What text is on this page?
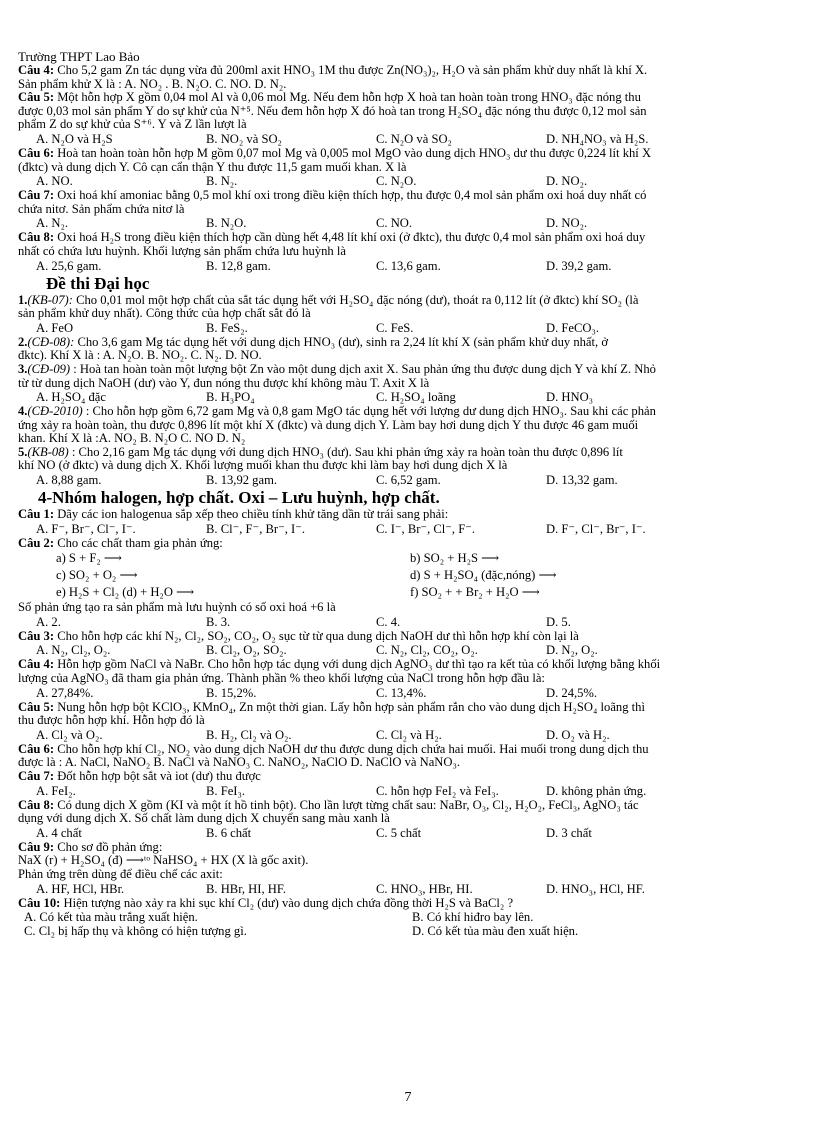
Trường THPT Lao Bảo
Câu 4: Cho 5,2 gam Zn tác dụng vừa đủ 200ml axit HNO₃ 1M thu được Zn(NO₃)₂, H₂O và sản phẩm khử duy nhất là khí X.
Sản phẩm khử X là : A. NO₂ . B. N₂O. C. NO. D. N₂.
Câu 5: Một hỗn hợp X gồm 0,04 mol Al và 0,06 mol Mg. Nếu đem hỗn hợp X hoà tan hoàn toàn trong HNO₃ đặc nóng thu
được 0,03 mol sản phẩm Y do sự khử của N⁺⁵. Nếu đem hỗn hợp X đó hoà tan trong H₂SO₄ đặc nóng thu được 0,12 mol sản
phẩm Z do sự khử của S⁺⁶. Y và Z lần lượt là
A. N₂O và H₂S	B. NO₂ và SO₂	C. N₂O và SO₂	D. NH₄NO₃ và H₂S.
Câu 6: Hoà tan hoàn toàn hỗn hợp M gồm 0,07 mol Mg và 0,005 mol MgO vào dung dịch HNO₃ dư thu được 0,224 lít khí X
(đktc) và dung dịch Y. Cô cạn cẩn thận Y thu được 11,5 gam muối khan. X là
A. NO.	B. N₂.	C. N₂O.	D. NO₂.
Câu 7: Oxi hoá khí amoniac bằng 0,5 mol khí oxi trong điều kiện thích hợp, thu được 0,4 mol sản phẩm oxi hoá duy nhất có
chứa nitơ. Sản phẩm chứa nitơ là
A. N₂.	B. N₂O.	C. NO.	D. NO₂.
Câu 8: Oxi hoá H₂S trong điều kiện thích hợp cần dùng hết 4,48 lít khí oxi (ở đktc), thu được 0,4 mol sản phẩm oxi hoá duy
nhất có chứa lưu huỳnh. Khối lượng sản phẩm chứa lưu huỳnh là
A. 25,6 gam.	B. 12,8 gam.	C. 13,6 gam.	D. 39,2 gam.
Đề thi Đại học
1.(KB-07): Cho 0,01 mol một hợp chất của sắt tác dụng hết với H₂SO₄ đặc nóng (dư), thoát ra 0,112 lít (ở đktc) khí SO₂ (là
sản phẩm khử duy nhất). Công thức của hợp chất sắt đó là
A. FeO	B. FeS₂.	C. FeS.	D. FeCO₃.
2.(CĐ-08): Cho 3,6 gam Mg tác dụng hết với dung dịch HNO₃ (dư), sinh ra 2,24 lít khí X (sản phẩm khử duy nhất, ở
đktc). Khí X là : A. N₂O. B. NO₂. C. N₂. D. NO.
3.(CĐ-09) : Hoà tan hoàn toàn một lượng bột Zn vào một dung dịch axit X. Sau phản ứng thu được dung dịch Y và khí Z. Nhỏ
từ từ dung dịch NaOH (dư) vào Y, đun nóng thu được khí không màu T. Axit X là
A. H₂SO₄ đặc	B. H₃PO₄	C. H₂SO₄ loãng	D. HNO₃
4.(CĐ-2010) : Cho hỗn hợp gồm 6,72 gam Mg và 0,8 gam MgO tác dụng hết với lượng dư dung dịch HNO₃. Sau khi các phản
ứng xảy ra hoàn toàn, thu được 0,896 lít một khí X (đktc) và dung dịch Y. Làm bay hơi dung dịch Y thu được 46 gam muối
khan. Khí X là :A. NO₂ B. N₂O C. NO D. N₂
5.(KB-08) : Cho 2,16 gam Mg tác dụng với dung dịch HNO₃ (dư). Sau khi phản ứng xảy ra hoàn toàn thu được 0,896 lít
khí NO (ở đktc) và dung dịch X. Khối lượng muối khan thu được khi làm bay hơi dung dịch X là
A. 8,88 gam.	B. 13,92 gam.	C. 6,52 gam.	D. 13,32 gam.
4-Nhóm halogen, hợp chất. Oxi – Lưu huỳnh, hợp chất.
Câu 1: Dãy các ion halogenua sắp xếp theo chiều tính khử tăng dần từ trái sang phải:
A. F⁻, Br⁻, Cl⁻, I⁻.	B. Cl⁻, F⁻, Br⁻, I⁻.	C. I⁻, Br⁻, Cl⁻, F⁻.	D. F⁻, Cl⁻, Br⁻, I⁻.
Câu 2: Cho các chất tham gia phản ứng:
a) S + F₂ ⟶	b) SO₂ + H₂S ⟶
c) SO₂ + O₂ ⟶	d) S + H₂SO₄ (đặc,nóng) ⟶
e) H₂S + Cl₂ (d) + H₂O ⟶	f) SO₂ + + Br₂ + H₂O ⟶
Số phản ứng tạo ra sản phẩm mà lưu huỳnh có số oxi hoá +6 là
A. 2.	B. 3.	C. 4.	D. 5.
Câu 3: Cho hỗn hợp các khí N₂, Cl₂, SO₂, CO₂, O₂ sục từ từ qua dung dịch NaOH dư thì hỗn hợp khí còn lại là
A. N₂, Cl₂, O₂.	B. Cl₂, O₂, SO₂.	C. N₂, Cl₂, CO₂, O₂.	D. N₂, O₂.
Câu 4: Hỗn hợp gồm NaCl và NaBr. Cho hỗn hợp tác dụng với dung dịch AgNO₃ dư thì tạo ra kết tủa có khối lượng bằng khối
lượng của AgNO₃ đã tham gia phản ứng. Thành phần % theo khối lượng của NaCl trong hỗn hợp đầu là:
A. 27,84%.	B. 15,2%.	C. 13,4%.	D. 24,5%.
Câu 5: Nung hỗn hợp bột KClO₃, KMnO₄, Zn một thời gian. Lấy hỗn hợp sản phẩm rắn cho vào dung dịch H₂SO₄ loãng thì
thu được hỗn hợp khí. Hỗn hợp đó là
A. Cl₂ và O₂.	B. H₂, Cl₂ và O₂.	C. Cl₂ và H₂.	D. O₂ và H₂.
Câu 6: Cho hỗn hợp khí Cl₂, NO₂ vào dung dịch NaOH dư thu được dung dịch chứa hai muối. Hai muối trong dung dịch thu
được là : A. NaCl, NaNO₂ B. NaCl và NaNO₃ C. NaNO₂, NaClO D. NaClO và NaNO₃.
Câu 7: Đốt hỗn hợp bột sắt và iot (dư) thu được
A. FeI₂.	B. FeI₃.	C. hỗn hợp FeI₂ và FeI₃.	D. không phản ứng.
Câu 8: Có dung dịch X gồm (KI và một ít hồ tinh bột). Cho lần lượt từng chất sau: NaBr, O₃, Cl₂, H₂O₂, FeCl₃, AgNO₃ tác
dụng với dung dịch X. Số chất làm dung dịch X chuyển sang màu xanh là
A. 4 chất	B. 6 chất	C. 5 chất	D. 3 chất
Câu 9: Cho sơ đồ phản ứng:
NaX (r) + H₂SO₄ (đ) ⟶ᵗᵒ NaHSO₄ + HX (X là gốc axit).
Phản ứng trên dùng để điều chế các axit:
A. HF, HCl, HBr.	B. HBr, HI, HF.	C. HNO₃, HBr, HI.	D. HNO₃, HCl, HF.
Câu 10: Hiện tượng nào xảy ra khi sục khí Cl₂ (dư) vào dung dịch chứa đồng thời H₂S và BaCl₂ ?
A. Có kết tủa màu trắng xuất hiện.	B. Có khí hiđro bay lên.
C. Cl₂ bị hấp thụ và không có hiện tượng gì.	D. Có kết tủa màu đen xuất hiện.
7
